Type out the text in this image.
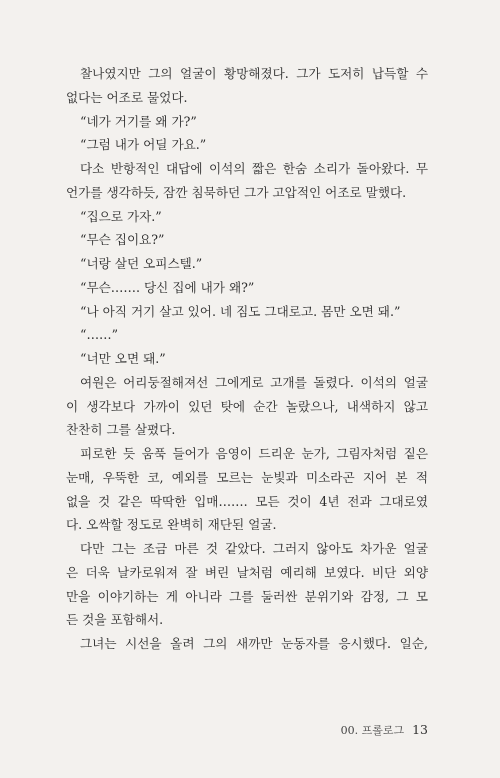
찰나였지만 그의 얼굴이 황망해졌다. 그가 도저히 납득할 수
없다는 어조로 물었다.
“네가 거기를 왜 가?”
“그럼 내가 어딜 가요.”
다소 반항적인 대답에 이석의 짧은 한숨 소리가 돌아왔다. 무
언가를 생각하듯, 잠깐 침묵하던 그가 고압적인 어조로 말했다.
“집으로 가자.”
“무슨 집이요?”
“너랑 살던 오피스텔.”
“무슨……. 당신 집에 내가 왜?”
“나 아직 거기 살고 있어. 네 짐도 그대로고. 몸만 오면 돼.”
“……”
“너만 오면 돼.”
여원은 어리둥절해져선 그에게로 고개를 돌렸다. 이석의 얼굴
이 생각보다 가까이 있던 탓에 순간 놀랐으나, 내색하지 않고
찬찬히 그를 살폈다.
피로한 듯 움푹 들어가 음영이 드리운 눈가, 그림자처럼 짙은
눈매, 우뚝한 코, 예외를 모르는 눈빛과 미소라곤 지어 본 적
없을 것 같은 딱딱한 입매……. 모든 것이 4년 전과 그대로였
다. 오싹할 정도로 완벽히 재단된 얼굴.
다만 그는 조금 마른 것 같았다. 그러지 않아도 차가운 얼굴
은 더욱 날카로워져 잘 벼린 날처럼 예리해 보였다. 비단 외양
만을 이야기하는 게 아니라 그를 둘러싼 분위기와 감정, 그 모
든 것을 포함해서.
그녀는 시선을 올려 그의 새까만 눈동자를 응시했다. 일순,
00. 프롤로그 13
